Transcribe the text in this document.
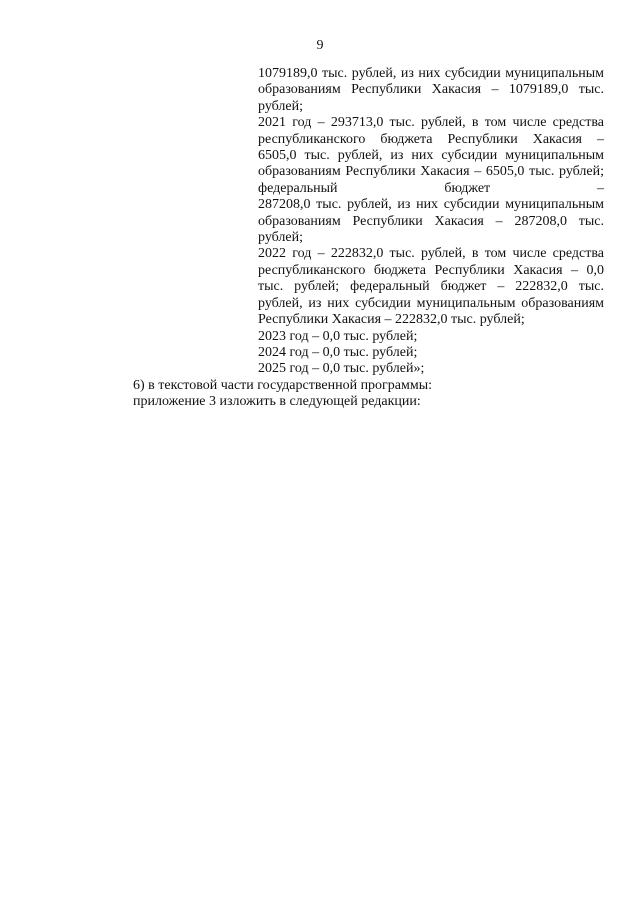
9
1079189,0 тыс. рублей, из них субсидии муниципальным
образованиям Республики Хакасия – 1079189,0 тыс.
рублей;
2021 год – 293713,0 тыс. рублей, в том числе средства
республиканского бюджета Республики Хакасия –
6505,0 тыс. рублей, из них субсидии муниципальным
образованиям Республики Хакасия – 6505,0 тыс. рублей;
федеральный бюджет –
287208,0 тыс. рублей, из них субсидии муниципальным
образованиям Республики Хакасия – 287208,0 тыс.
рублей;
2022 год – 222832,0 тыс. рублей, в том числе средства
республиканского бюджета Республики Хакасия – 0,0
тыс. рублей; федеральный бюджет – 222832,0 тыс.
рублей, из них субсидии муниципальным образованиям
Республики Хакасия – 222832,0 тыс. рублей;
2023 год – 0,0 тыс. рублей;
2024 год – 0,0 тыс. рублей;
2025 год – 0,0 тыс. рублей»;
6) в текстовой части государственной программы:
приложение 3 изложить в следующей редакции:
